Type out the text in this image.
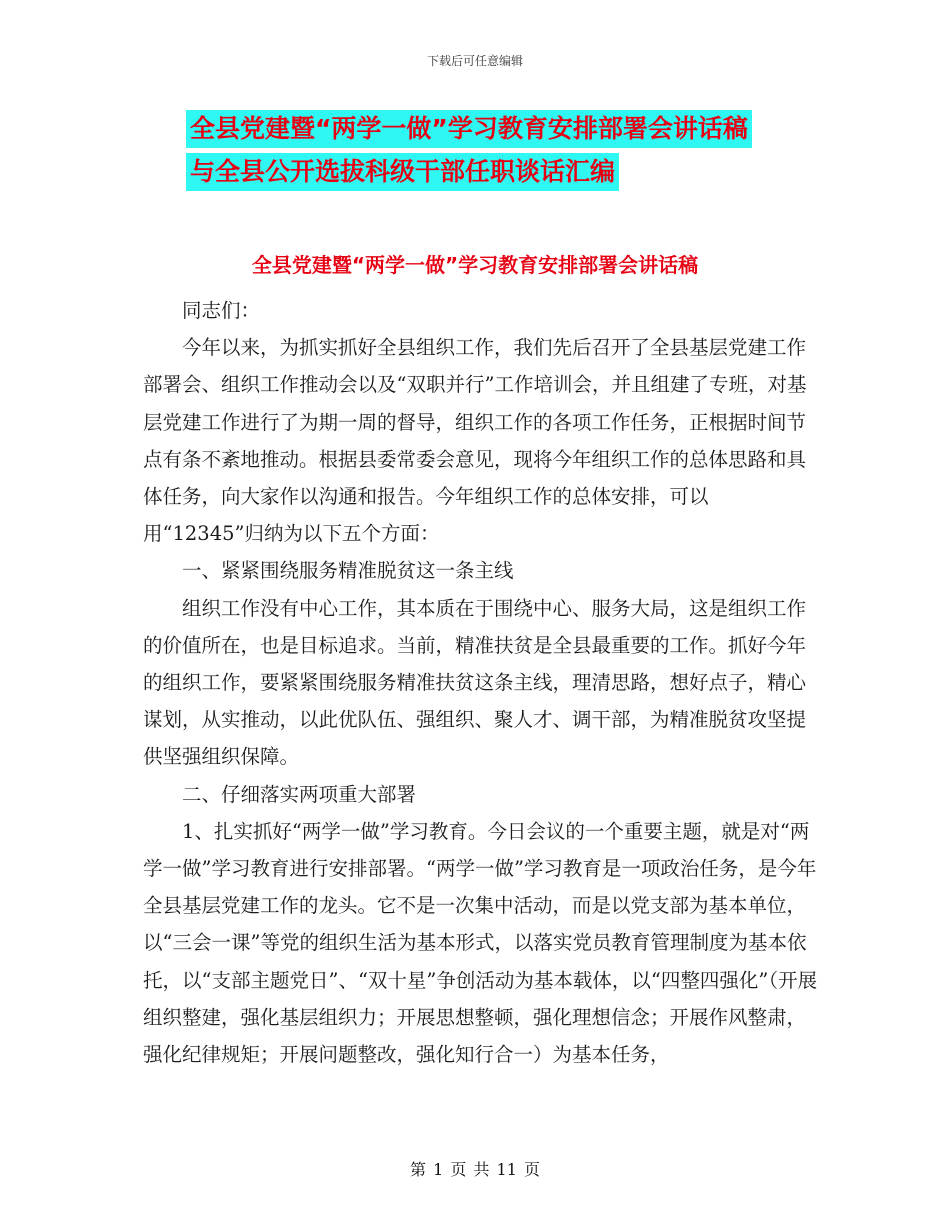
下载后可任意编辑
全县党建暨“两学一做”学习教育安排部署会讲话稿
与全县公开选拔科级干部任职谈话汇编
全县党建暨“两学一做”学习教育安排部署会讲话稿

同志们：

今年以来，为抓实抓好全县组织工作，我们先后召开了全县基层党建工作部署会、组织工作推动会以及“双职并行”工作培训会，并且组建了专班，对基层党建工作进行了为期一周的督导，组织工作的各项工作任务，正根据时间节点有条不紊地推动。根据县委常委会意见，现将今年组织工作的总体思路和具体任务，向大家作以沟通和报告。今年组织工作的总体安排，可以用“12345”归纳为以下五个方面：

一、紧紧围绕服务精准脱贫这一条主线

组织工作没有中心工作，其本质在于围绕中心、服务大局，这是组织工作的价值所在，也是目标追求。当前，精准扶贫是全县最重要的工作。抓好今年的组织工作，要紧紧围绕服务精准扶贫这条主线，理清思路，想好点子，精心谋划，从实推动，以此优队伍、强组织、聚人才、调干部，为精准脱贫攻坚提供坚强组织保障。

二、仔细落实两项重大部署

1、扎实抓好“两学一做”学习教育。今日会议的一个重要主题，就是对“两学一做”学习教育进行安排部署。“两学一做”学习教育是一项政治任务，是今年全县基层党建工作的龙头。它不是一次集中活动，而是以党支部为基本单位，以“三会一课”等党的组织生活为基本形式，以落实党员教育管理制度为基本依托，以“支部主题党日”、“双十星”争创活动为基本载体，以“四整四强化”（开展组织整建，强化基层组织力；开展思想整顿，强化理想信念；开展作风整肃，强化纪律规矩；开展问题整改，强化知行合一）为基本任务，

第 1 页 共 11 页
